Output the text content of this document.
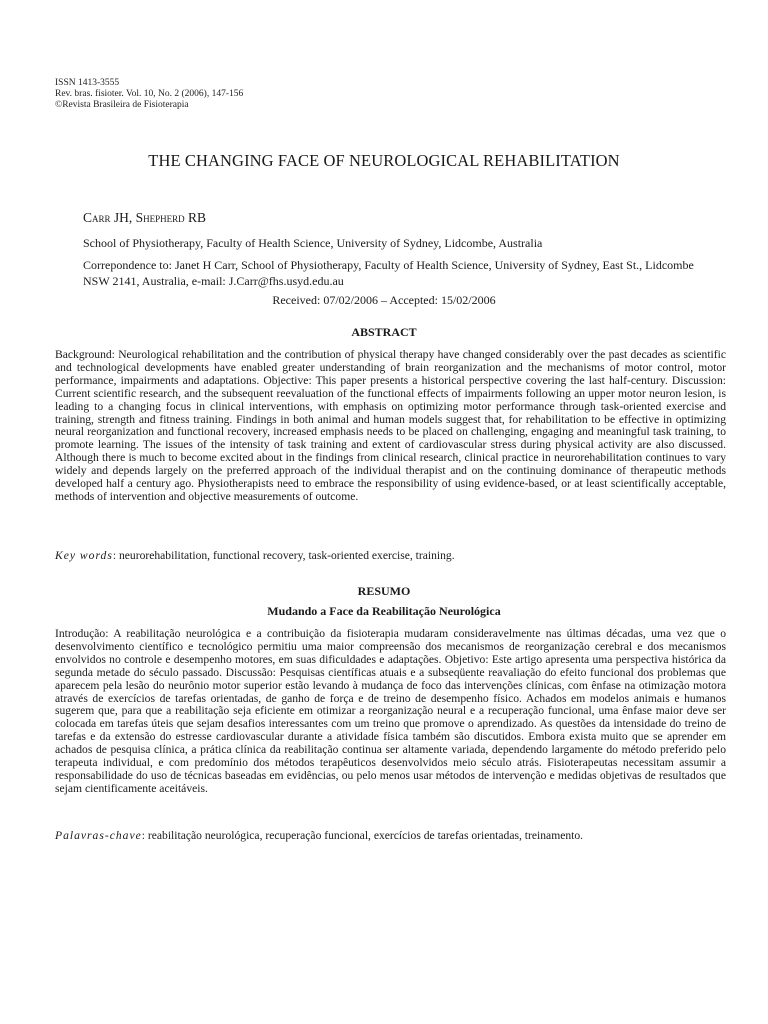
ISSN 1413-3555
Rev. bras. fisioter. Vol. 10, No. 2 (2006), 147-156
©Revista Brasileira de Fisioterapia
THE CHANGING FACE OF NEUROLOGICAL REHABILITATION
Carr JH, Shepherd RB
School of Physiotherapy, Faculty of Health Science, University of Sydney, Lidcombe, Australia
Correpondence to: Janet H Carr, School of Physiotherapy, Faculty of Health Science, University of Sydney, East St., Lidcombe NSW 2141, Australia, e-mail: J.Carr@fhs.usyd.edu.au
Received: 07/02/2006 – Accepted: 15/02/2006
ABSTRACT
Background: Neurological rehabilitation and the contribution of physical therapy have changed considerably over the past decades as scientific and technological developments have enabled greater understanding of brain reorganization and the mechanisms of motor control, motor performance, impairments and adaptations. Objective: This paper presents a historical perspective covering the last half-century. Discussion: Current scientific research, and the subsequent reevaluation of the functional effects of impairments following an upper motor neuron lesion, is leading to a changing focus in clinical interventions, with emphasis on optimizing motor performance through task-oriented exercise and training, strength and fitness training. Findings in both animal and human models suggest that, for rehabilitation to be effective in optimizing neural reorganization and functional recovery, increased emphasis needs to be placed on challenging, engaging and meaningful task training, to promote learning. The issues of the intensity of task training and extent of cardiovascular stress during physical activity are also discussed. Although there is much to become excited about in the findings from clinical research, clinical practice in neurorehabilitation continues to vary widely and depends largely on the preferred approach of the individual therapist and on the continuing dominance of therapeutic methods developed half a century ago. Physiotherapists need to embrace the responsibility of using evidence-based, or at least scientifically acceptable, methods of intervention and objective measurements of outcome.
Key words: neurorehabilitation, functional recovery, task-oriented exercise, training.
RESUMO
Mudando a Face da Reabilitação Neurológica
Introdução: A reabilitação neurológica e a contribuição da fisioterapia mudaram consideravelmente nas últimas décadas, uma vez que o desenvolvimento científico e tecnológico permitiu uma maior compreensão dos mecanismos de reorganização cerebral e dos mecanismos envolvidos no controle e desempenho motores, em suas dificuldades e adaptações. Objetivo: Este artigo apresenta uma perspectiva histórica da segunda metade do século passado. Discussão: Pesquisas científicas atuais e a subseqüente reavaliação do efeito funcional dos problemas que aparecem pela lesão do neurônio motor superior estão levando à mudança de foco das intervenções clínicas, com ênfase na otimização motora através de exercícios de tarefas orientadas, de ganho de força e de treino de desempenho físico. Achados em modelos animais e humanos sugerem que, para que a reabilitação seja eficiente em otimizar a reorganização neural e a recuperação funcional, uma ênfase maior deve ser colocada em tarefas úteis que sejam desafios interessantes com um treino que promove o aprendizado. As questões da intensidade do treino de tarefas e da extensão do estresse cardiovascular durante a atividade física também são discutidos. Embora exista muito que se aprender em achados de pesquisa clínica, a prática clínica da reabilitação continua ser altamente variada, dependendo largamente do método preferido pelo terapeuta individual, e com predomínio dos métodos terapêuticos desenvolvidos meio século atrás. Fisioterapeutas necessitam assumir a responsabilidade do uso de técnicas baseadas em evidências, ou pelo menos usar métodos de intervenção e medidas objetivas de resultados que sejam cientificamente aceitáveis.
Palavras-chave: reabilitação neurológica, recuperação funcional, exercícios de tarefas orientadas, treinamento.
